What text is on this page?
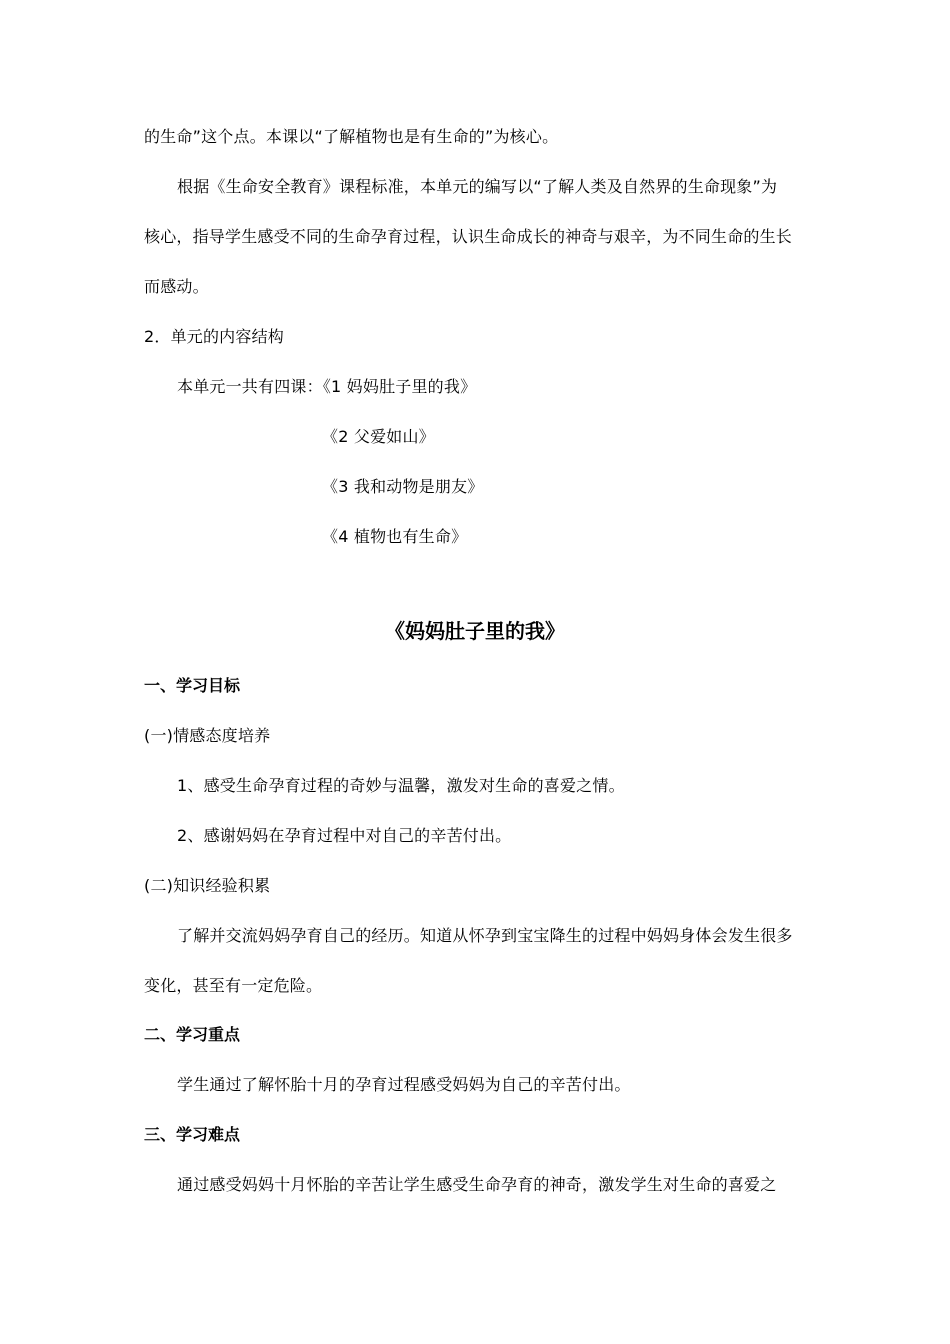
的生命”这个点。本课以“了解植物也是有生命的”为核心。
根据《生命安全教育》课程标准，本单元的编写以“了解人类及自然界的生命现象”为
核心，指导学生感受不同的生命孕育过程，认识生命成长的神奇与艰辛，为不同生命的生长
而感动。
2．单元的内容结构
本单元一共有四课：《1 妈妈肚子里的我》
《2 父爱如山》
《3 我和动物是朋友》
《4 植物也有生命》
《妈妈肚子里的我》
一、学习目标
(一)情感态度培养
1、感受生命孕育过程的奇妙与温馨，激发对生命的喜爱之情。
2、感谢妈妈在孕育过程中对自己的辛苦付出。
(二)知识经验积累
了解并交流妈妈孕育自己的经历。知道从怀孕到宝宝降生的过程中妈妈身体会发生很多
变化，甚至有一定危险。
二、学习重点
学生通过了解怀胎十月的孕育过程感受妈妈为自己的辛苦付出。
三、学习难点
通过感受妈妈十月怀胎的辛苦让学生感受生命孕育的神奇，激发学生对生命的喜爱之
